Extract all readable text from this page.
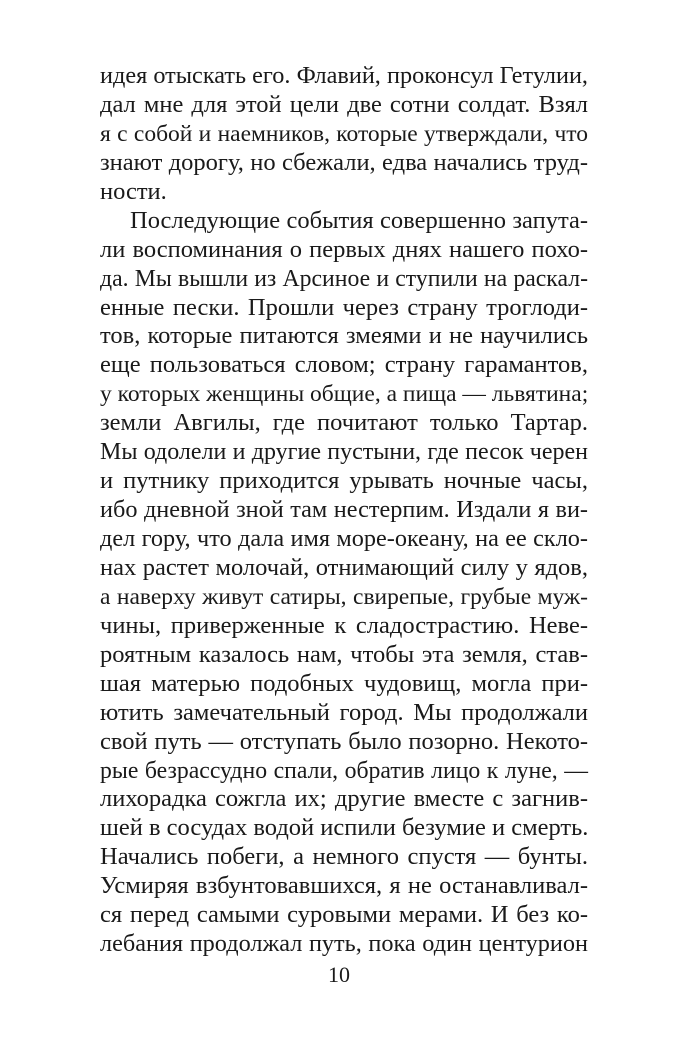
идея отыскать его. Флавий, проконсул Гетулии,
дал мне для этой цели две сотни солдат. Взял
я с собой и наемников, которые утверждали, что
знают дорогу, но сбежали, едва начались труд-
ности.
Последующие события совершенно запута-
ли воспоминания о первых днях нашего похо-
да. Мы вышли из Арсиное и ступили на раскал-
енные пески. Прошли через страну троглоди-
тов, которые питаются змеями и не научились
еще пользоваться словом; страну гарамантов,
у которых женщины общие, а пища — львятина;
земли Авгилы, где почитают только Тартар.
Мы одолели и другие пустыни, где песок черен
и путнику приходится урывать ночные часы,
ибо дневной зной там нестерпим. Издали я ви-
дел гору, что дала имя море-океану, на ее скло-
нах растет молочай, отнимающий силу у ядов,
а наверху живут сатиры, свирепые, грубые муж-
чины, приверженные к сладострастию. Неве-
роятным казалось нам, чтобы эта земля, став-
шая матерью подобных чудовищ, могла при-
ютить замечательный город. Мы продолжали
свой путь — отступать было позорно. Некото-
рые безрассудно спали, обратив лицо к луне, —
лихорадка сожгла их; другие вместе с загнив-
шей в сосудах водой испили безумие и смерть.
Начались побеги, а немного спустя — бунты.
Усмиряя взбунтовавшихся, я не останавливал-
ся перед самыми суровыми мерами. И без ко-
лебания продолжал путь, пока один центурион
10
